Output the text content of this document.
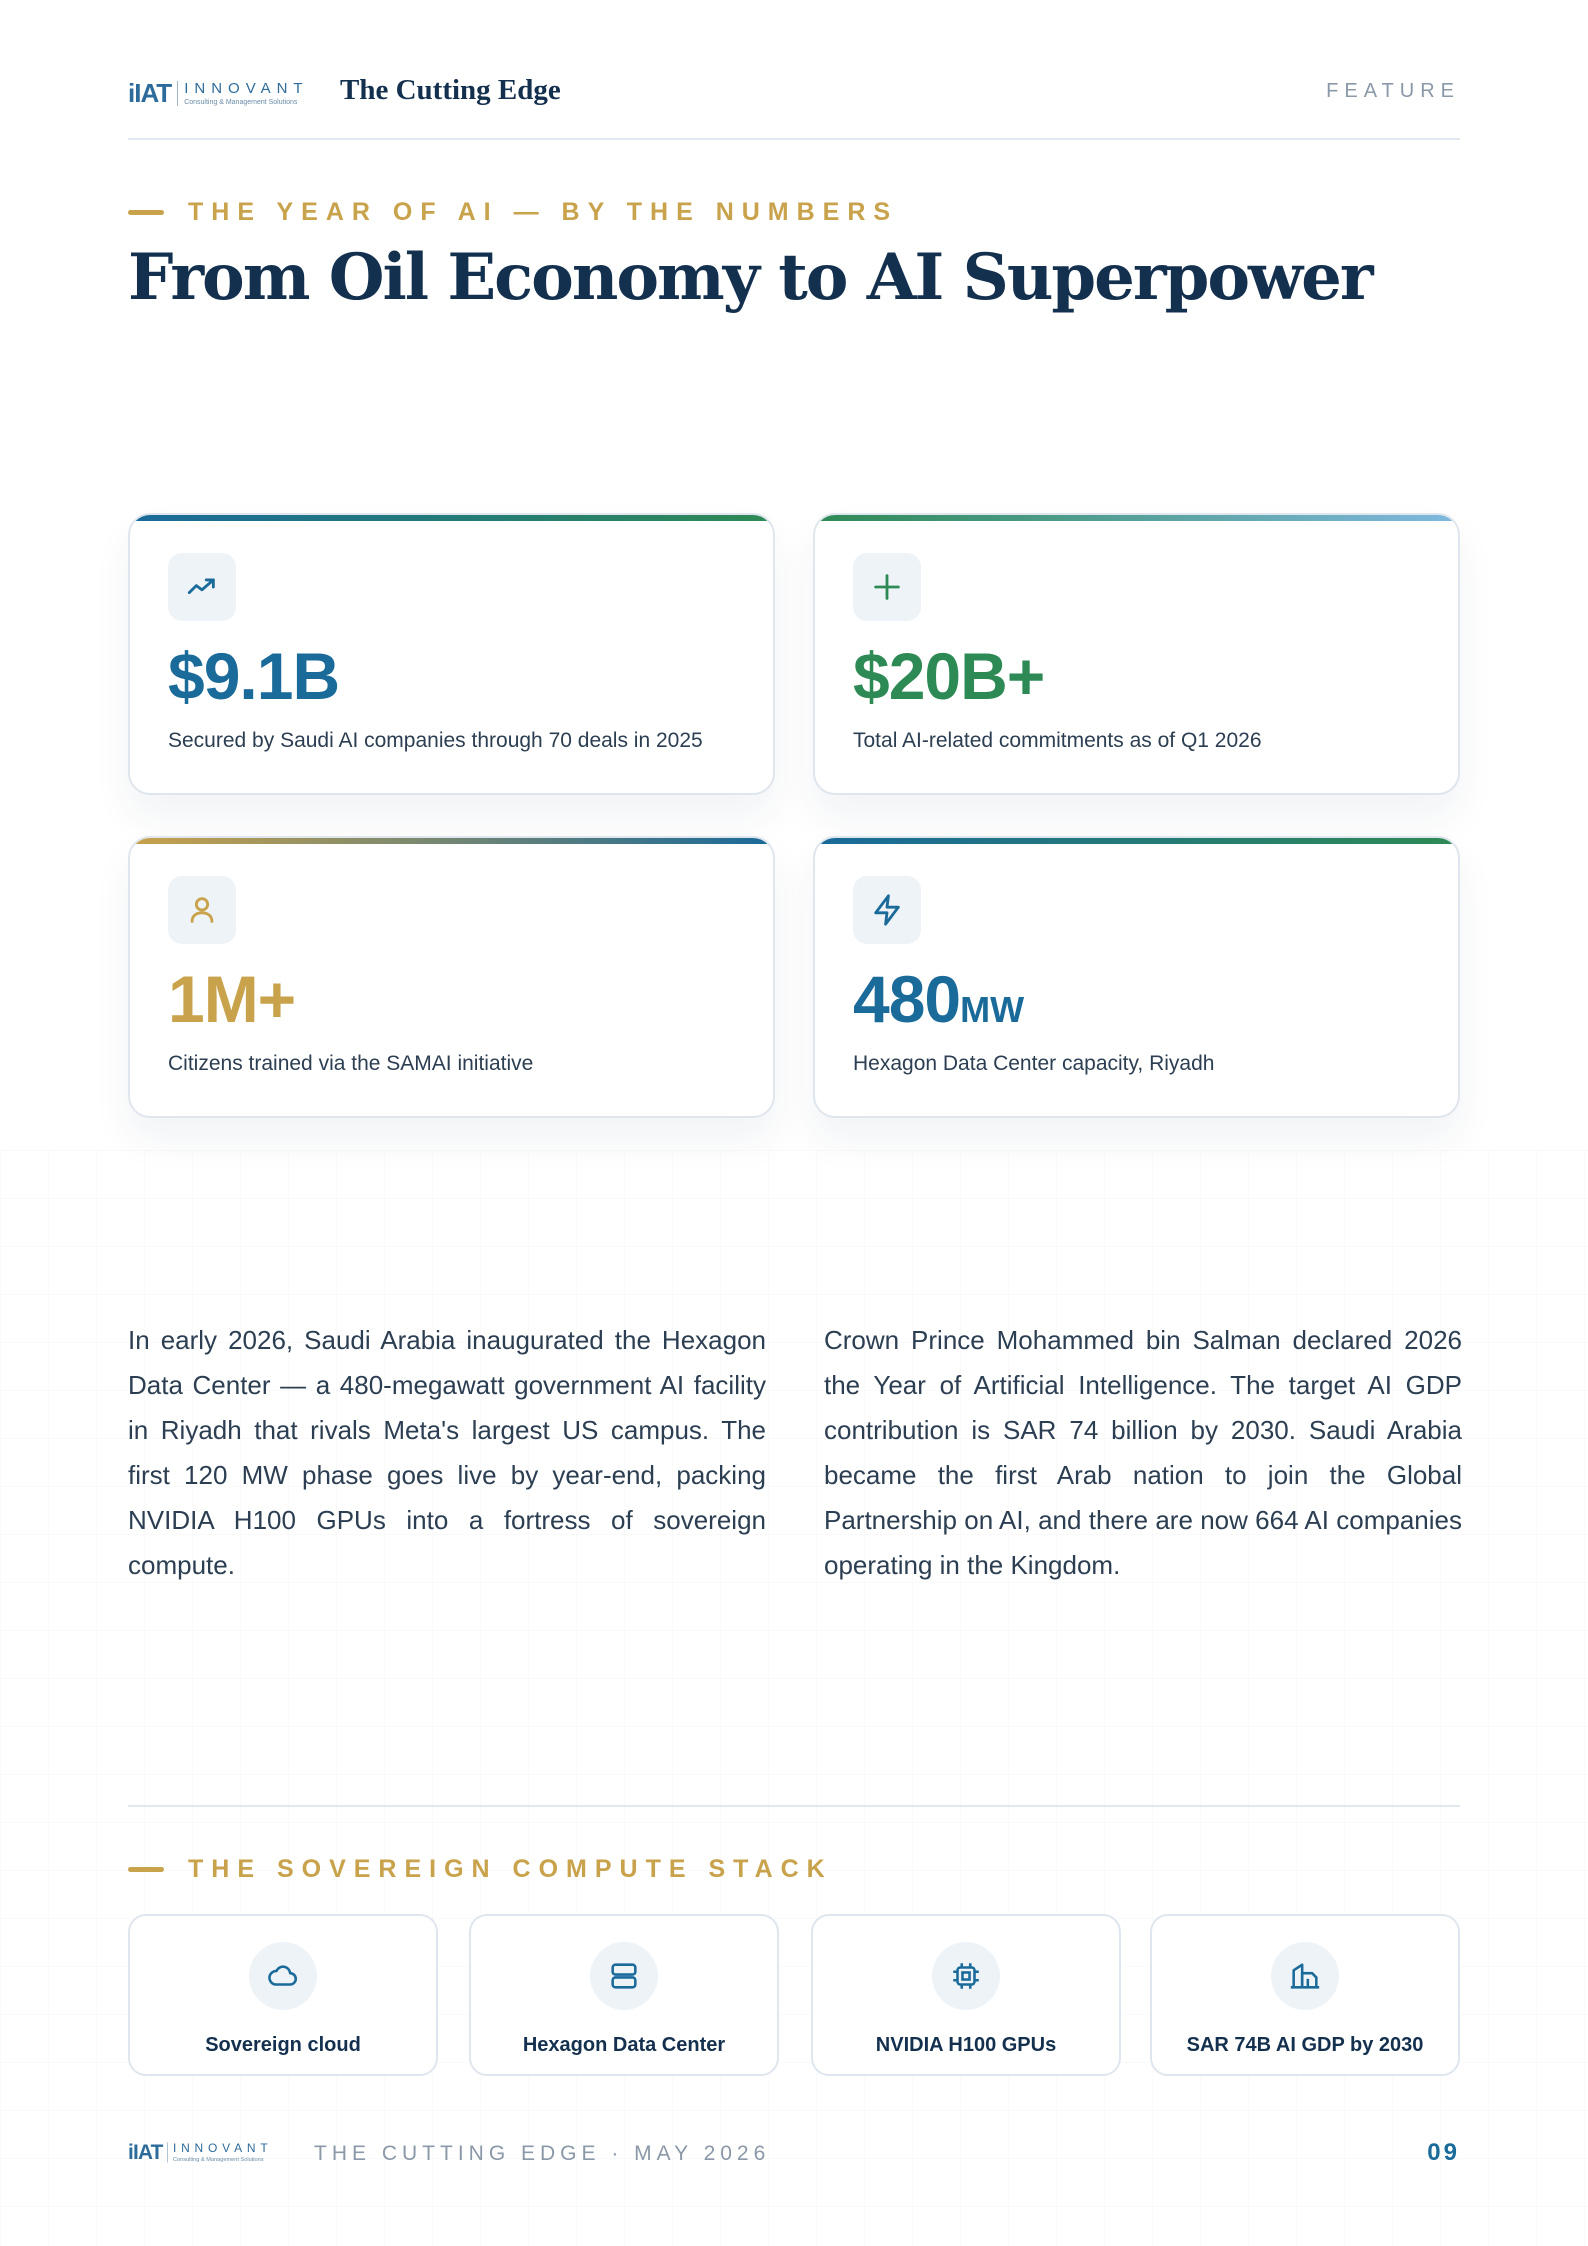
iIAT INNOVANT
Consulting & Management Solutions	The Cutting Edge	FEATURE
THE YEAR OF AI — BY THE NUMBERS
From Oil Economy to AI Superpower
$9.1B
Secured by Saudi AI companies through 70 deals in 2025
$20B+
Total AI-related commitments as of Q1 2026
1M+
Citizens trained via the SAMAI initiative
480MW
Hexagon Data Center capacity, Riyadh

In early 2026, Saudi Arabia inaugurated the Hexagon Data Center — a 480-megawatt government AI facility in Riyadh that rivals Meta's largest US campus. The first 120 MW phase goes live by year-end, packing NVIDIA H100 GPUs into a fortress of sovereign compute.

Crown Prince Mohammed bin Salman declared 2026 the Year of Artificial Intelligence. The target AI GDP contribution is SAR 74 billion by 2030. Saudi Arabia became the first Arab nation to join the Global Partnership on AI, and there are now 664 AI companies operating in the Kingdom.

THE SOVEREIGN COMPUTE STACK
Sovereign cloud	Hexagon Data Center	NVIDIA H100 GPUs	SAR 74B AI GDP by 2030
iIAT INNOVANT
Consulting & Management Solutions	THE CUTTING EDGE · MAY 2026	09
